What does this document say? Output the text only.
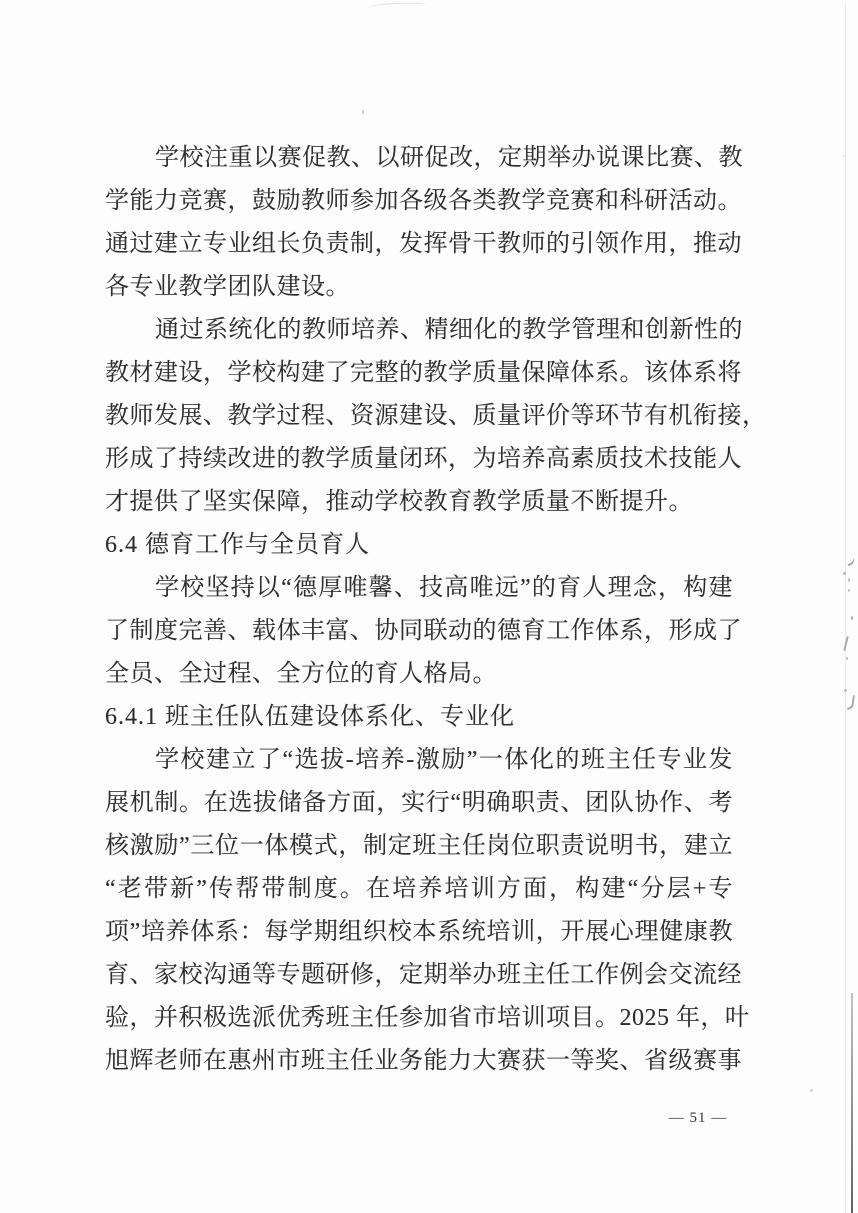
学校注重以赛促教、以研促改，定期举办说课比赛、教
学能力竞赛，鼓励教师参加各级各类教学竞赛和科研活动。
通过建立专业组长负责制，发挥骨干教师的引领作用，推动
各专业教学团队建设。
通过系统化的教师培养、精细化的教学管理和创新性的
教材建设，学校构建了完整的教学质量保障体系。该体系将
教师发展、教学过程、资源建设、质量评价等环节有机衔接，
形成了持续改进的教学质量闭环，为培养高素质技术技能人
才提供了坚实保障，推动学校教育教学质量不断提升。
6.4 德育工作与全员育人
学校坚持以“德厚唯馨、技高唯远”的育人理念，构建
了制度完善、载体丰富、协同联动的德育工作体系，形成了
全员、全过程、全方位的育人格局。
6.4.1 班主任队伍建设体系化、专业化
学校建立了“选拔-培养-激励”一体化的班主任专业发
展机制。在选拔储备方面，实行“明确职责、团队协作、考
核激励”三位一体模式，制定班主任岗位职责说明书，建立
“老带新”传帮带制度。在培养培训方面，构建“分层+专
项”培养体系：每学期组织校本系统培训，开展心理健康教
育、家校沟通等专题研修，定期举办班主任工作例会交流经
验，并积极选派优秀班主任参加省市培训项目。2025 年，叶
旭辉老师在惠州市班主任业务能力大赛获一等奖、省级赛事
— 51 —
